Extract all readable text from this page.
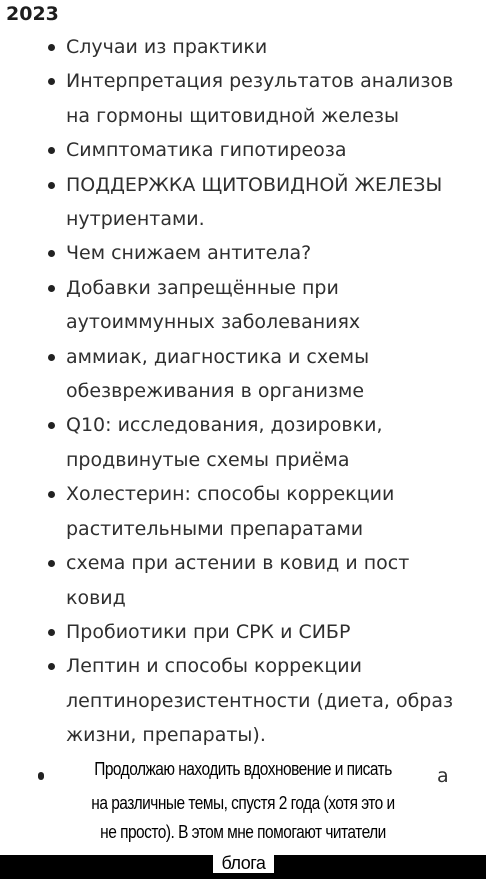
2023
Случаи из практики
Интерпретация результатов анализов на гормоны щитовидной железы
Симптоматика гипотиреоза
ПОДДЕРЖКА ЩИТОВИДНОЙ ЖЕЛЕЗЫ нутриентами.
Чем снижаем антитела?
Добавки запрещённые при аутоиммунных заболеваниях
аммиак, диагностика и схемы обезвреживания в организме
Q10: исследования, дозировки, продвинутые схемы приёма
Холестерин: способы коррекции растительными препаратами
схема при астении в ковид и пост ковид
Пробиотики при СРК и СИБР
Лептин и способы коррекции лептинорезистентности (диета, образ жизни, препараты).
а
Продолжаю находить вдохновение и писать
на различные темы, спустя 2 года (хотя это и
не просто). В этом мне помогают читатели
блога
